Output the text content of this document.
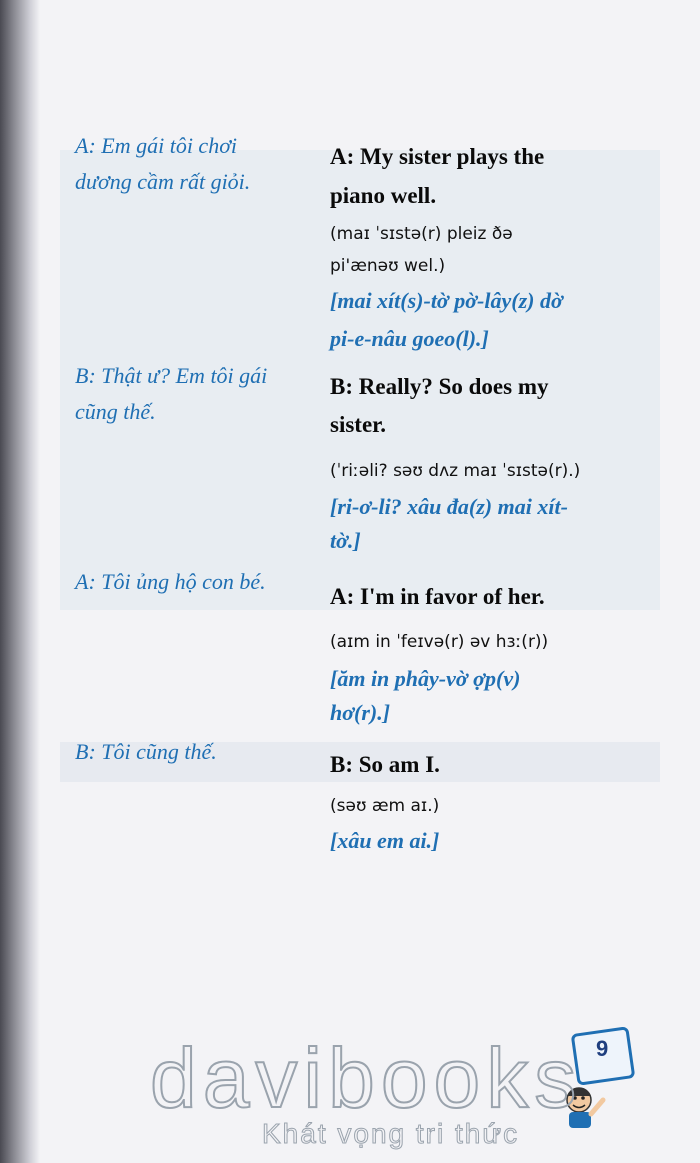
A: Em gái tôi chơi
dương cầm rất giỏi.
A: My sister plays the
piano well.
(maɪ ˈsɪstə(r) pleiz ðə
pi'ænəʊ wel.)
[mai xít(s)-tờ pờ-lây(z) dờ
pi-e-nâu goeo(l).]
B: Thật ư? Em tôi gái
cũng thế.
B: Really? So does my
sister.
(ˈriːəli? səʊ dʌz maɪ ˈsɪstə(r).)
[ri-ơ-li? xâu đa(z) mai xít-
tờ.]
A: Tôi ủng hộ con bé.
A: I'm in favor of her.
(aɪm in ˈfeɪvə(r) əv hɜː(r))
[ăm in phây-vờ ợp(v)
hơ(r).]
B: Tôi cũng thế.
B: So am I.
(səʊ æm aɪ.)
[xâu em ai.]
9
davibooks
Khát vọng tri thức
